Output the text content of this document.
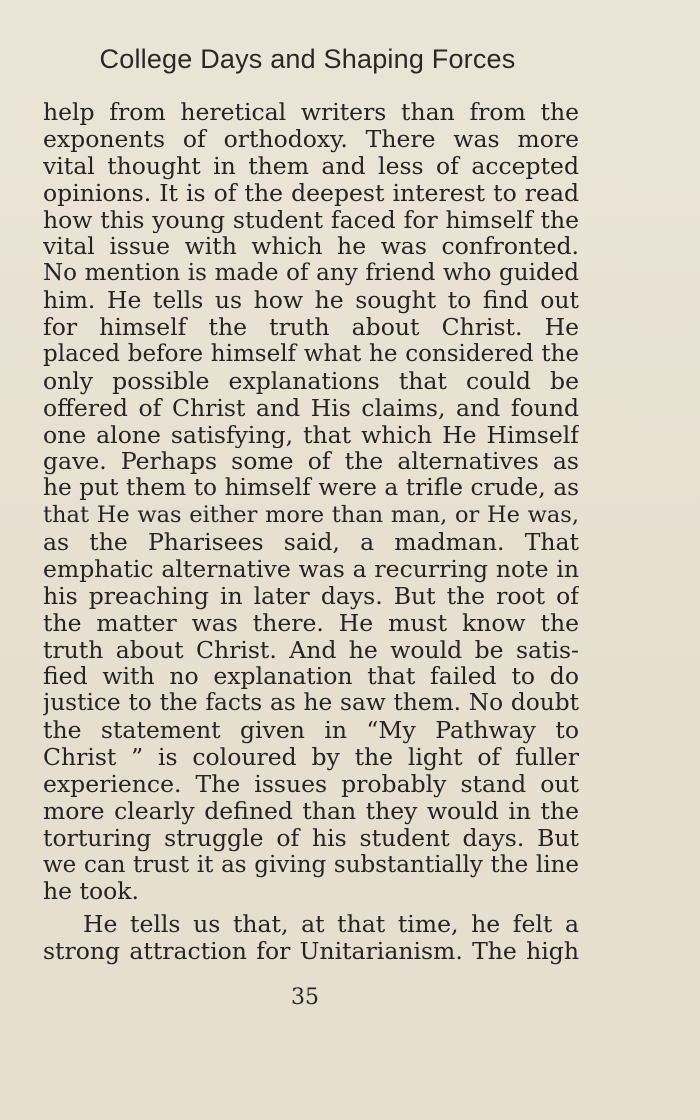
College Days and Shaping Forces
help from heretical writers than from the
exponents of orthodoxy. There was more
vital thought in them and less of accepted
opinions. It is of the deepest interest to read
how this young student faced for himself the
vital issue with which he was confronted.
No mention is made of any friend who guided
him. He tells us how he sought to find out
for himself the truth about Christ. He
placed before himself what he considered the
only possible explanations that could be
offered of Christ and His claims, and found
one alone satisfying, that which He Himself
gave. Perhaps some of the alternatives as
he put them to himself were a trifle crude, as
that He was either more than man, or He was,
as the Pharisees said, a madman. That
emphatic alternative was a recurring note in
his preaching in later days. But the root of
the matter was there. He must know the
truth about Christ. And he would be satis-
fied with no explanation that failed to do
justice to the facts as he saw them. No doubt
the statement given in “My Pathway to
Christ ” is coloured by the light of fuller
experience. The issues probably stand out
more clearly defined than they would in the
torturing struggle of his student days. But
we can trust it as giving substantially the line
he took.
He tells us that, at that time, he felt a
strong attraction for Unitarianism. The high
35
